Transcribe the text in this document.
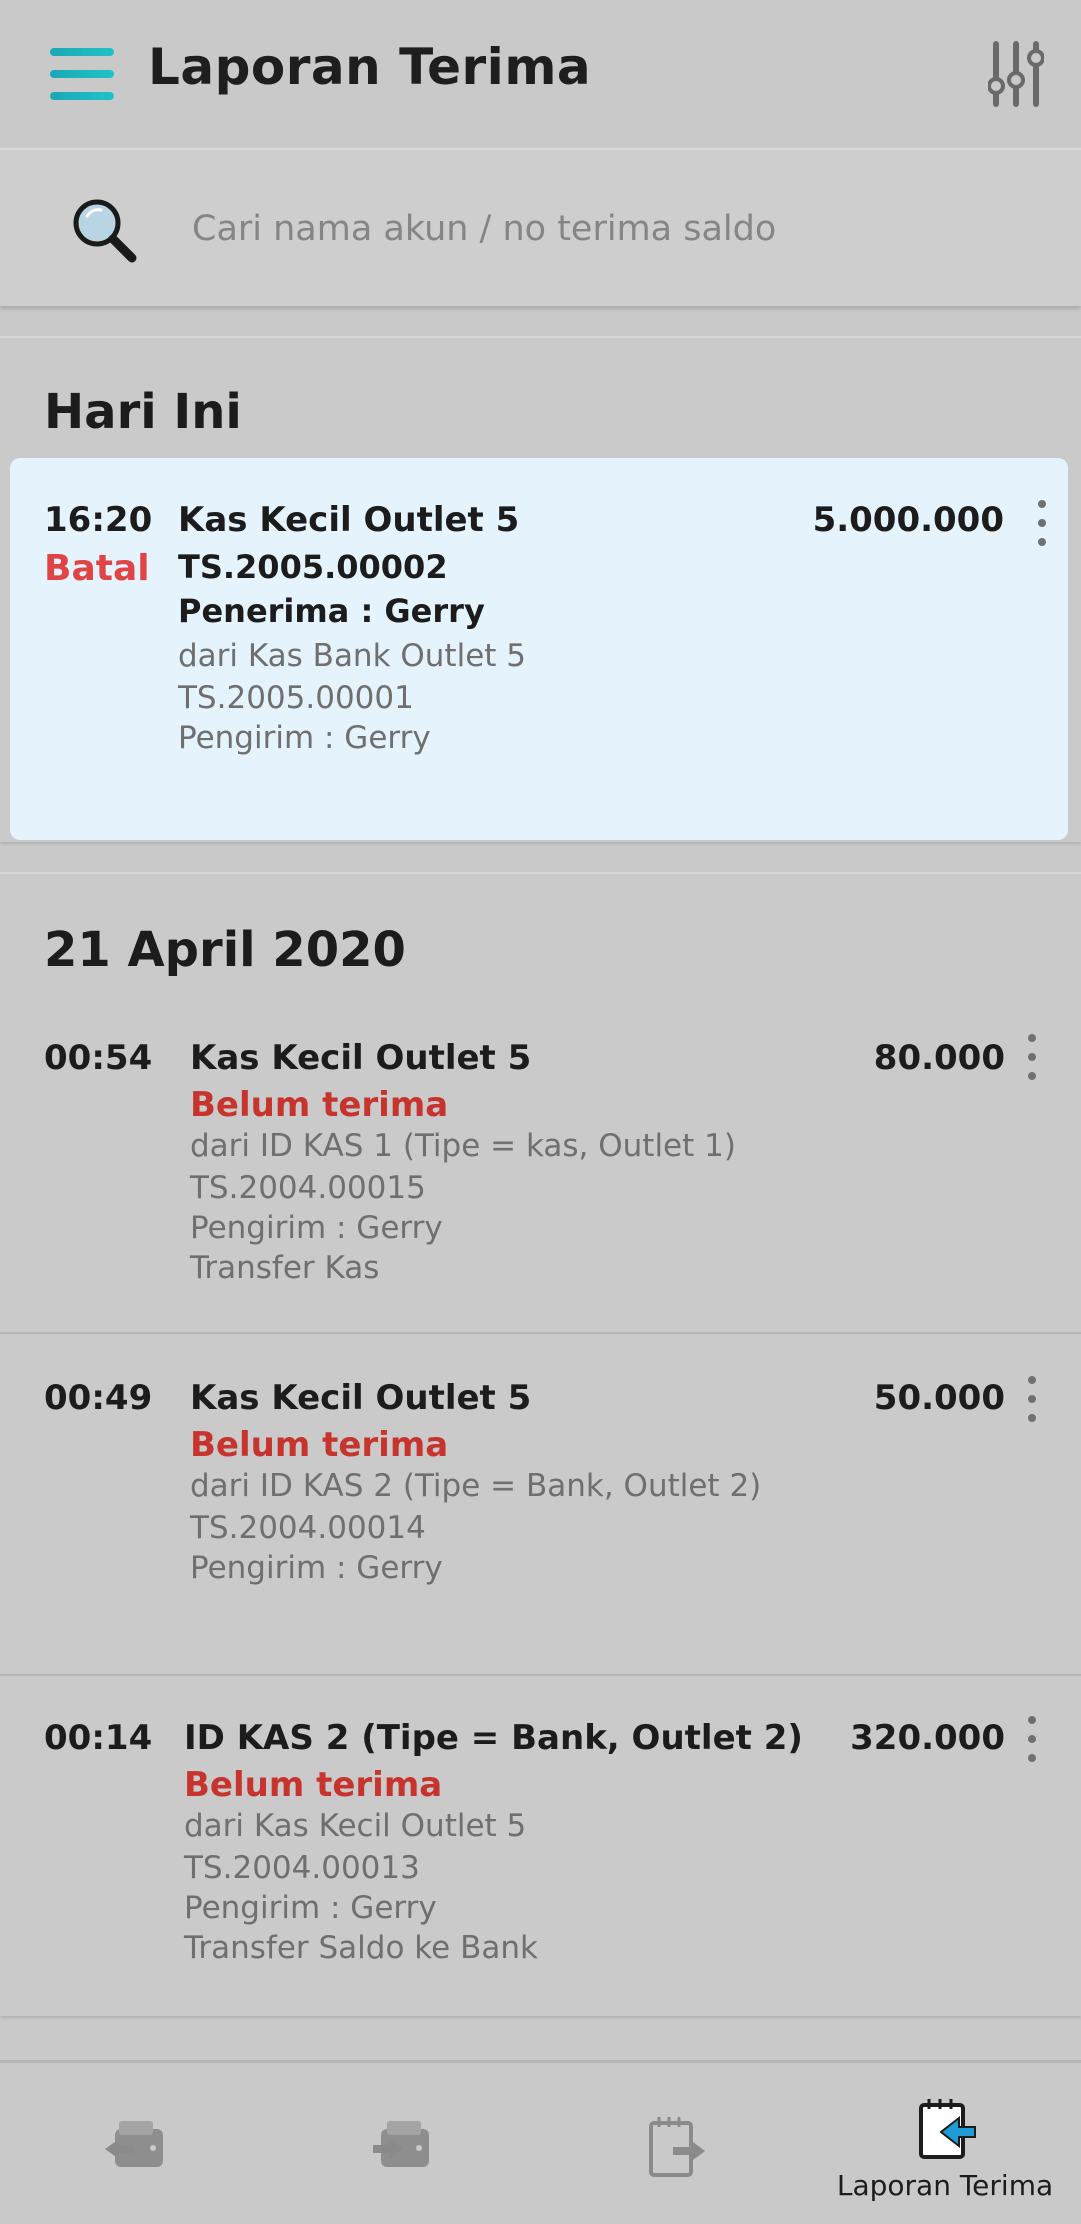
Laporan Terima
Cari nama akun / no terima saldo
Hari Ini
16:20
Batal
Kas Kecil Outlet 5
TS.2005.00002
Penerima : Gerry
dari Kas Bank Outlet 5
TS.2005.00001
Pengirim : Gerry
5.000.000
21 April 2020
00:54 Kas Kecil Outlet 5
Belum terima
dari ID KAS 1 (Tipe = kas, Outlet 1)
TS.2004.00015
Pengirim : Gerry
Transfer Kas
80.000
00:49 Kas Kecil Outlet 5
Belum terima
dari ID KAS 2 (Tipe = Bank, Outlet 2)
TS.2004.00014
Pengirim : Gerry
50.000
00:14 ID KAS 2 (Tipe = Bank, Outlet 2)
Belum terima
dari Kas Kecil Outlet 5
TS.2004.00013
Pengirim : Gerry
Transfer Saldo ke Bank
320.000
Laporan Terima
